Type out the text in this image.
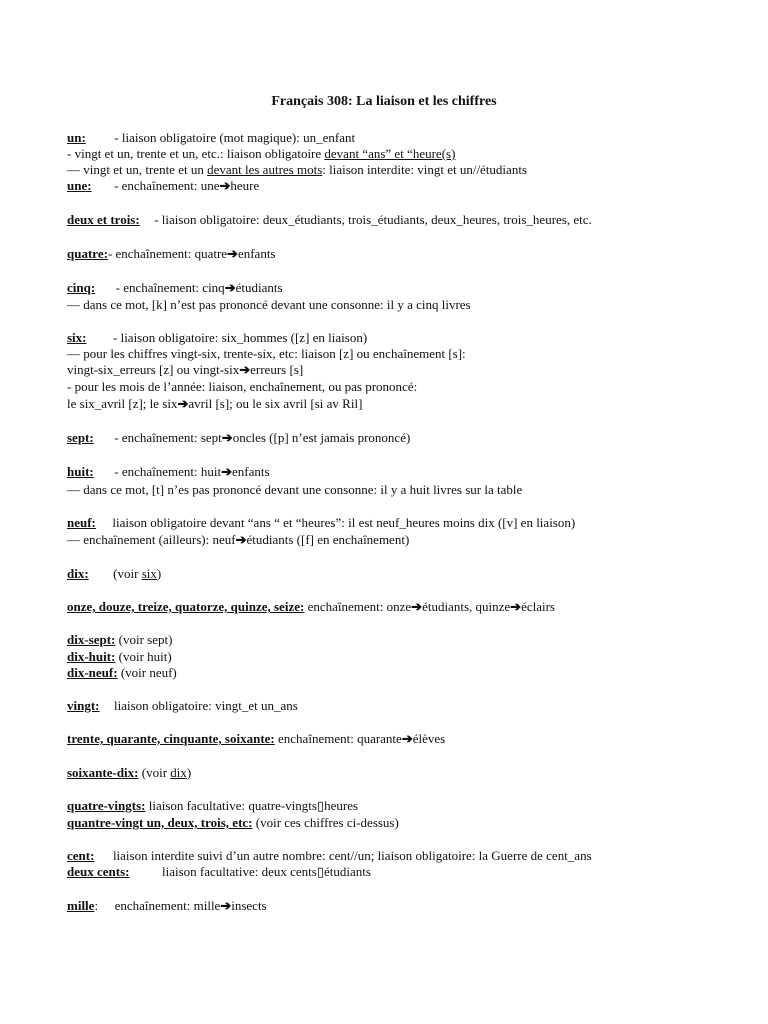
Français 308: La liaison et les chiffres
un: - liaison obligatoire (mot magique): un_enfant
- vingt et un, trente et un, etc.: liaison obligatoire devant “ans” et “heure(s)
— vingt et un, trente et un devant les autres mots: liaison interdite: vingt et un//étudiants
une: - enchaînement: une➔heure
deux et trois: - liaison obligatoire: deux_étudiants, trois_étudiants, deux_heures, trois_heures, etc.
quatre:- enchaînement: quatre➔enfants
cinq: - enchaînement: cinq➔étudiants
— dans ce mot, [k] n’est pas prononcé devant une consonne: il y a cinq livres
six: - liaison obligatoire: six_hommes ([z] en liaison)
— pour les chiffres vingt-six, trente-six, etc: liaison [z] ou enchaînement [s]:
vingt-six_erreurs [z] ou vingt-six➔erreurs [s]
- pour les mois de l’année: liaison, enchaînement, ou pas prononcé:
le six_avril [z]; le six➔avril [s]; ou le six avril [si av Ril]
sept: - enchaînement: sept➔oncles ([p] n’est jamais prononcé)
huit: - enchaînement: huit➔enfants
— dans ce mot, [t] n’es pas prononcé devant une consonne: il y a huit livres sur la table
neuf: liaison obligatoire devant “ans “ et “heures”: il est neuf_heures moins dix ([v] en liaison)
— enchaînement (ailleurs): neuf➔étudiants ([f] en enchaînement)
dix: (voir six)
onze, douze, treize, quatorze, quinze, seize: enchaînement: onze➔étudiants, quinze➔éclairs
dix-sept: (voir sept)
dix-huit: (voir huit)
dix-neuf: (voir neuf)
vingt: liaison obligatoire: vingt_et un_ans
trente, quarante, cinquante, soixante: enchaînement: quarante➔élèves
soixante-dix: (voir dix)
quatre-vingts: liaison facultative: quatre-vingts▯heures
quantre-vingt un, deux, trois, etc: (voir ces chiffres ci-dessus)
cent: liaison interdite suivi d’un autre nombre: cent//un; liaison obligatoire: la Guerre de cent_ans
deux cents:	liaison facultative: deux cents▯étudiants
mille: enchaînement: mille➔insects
